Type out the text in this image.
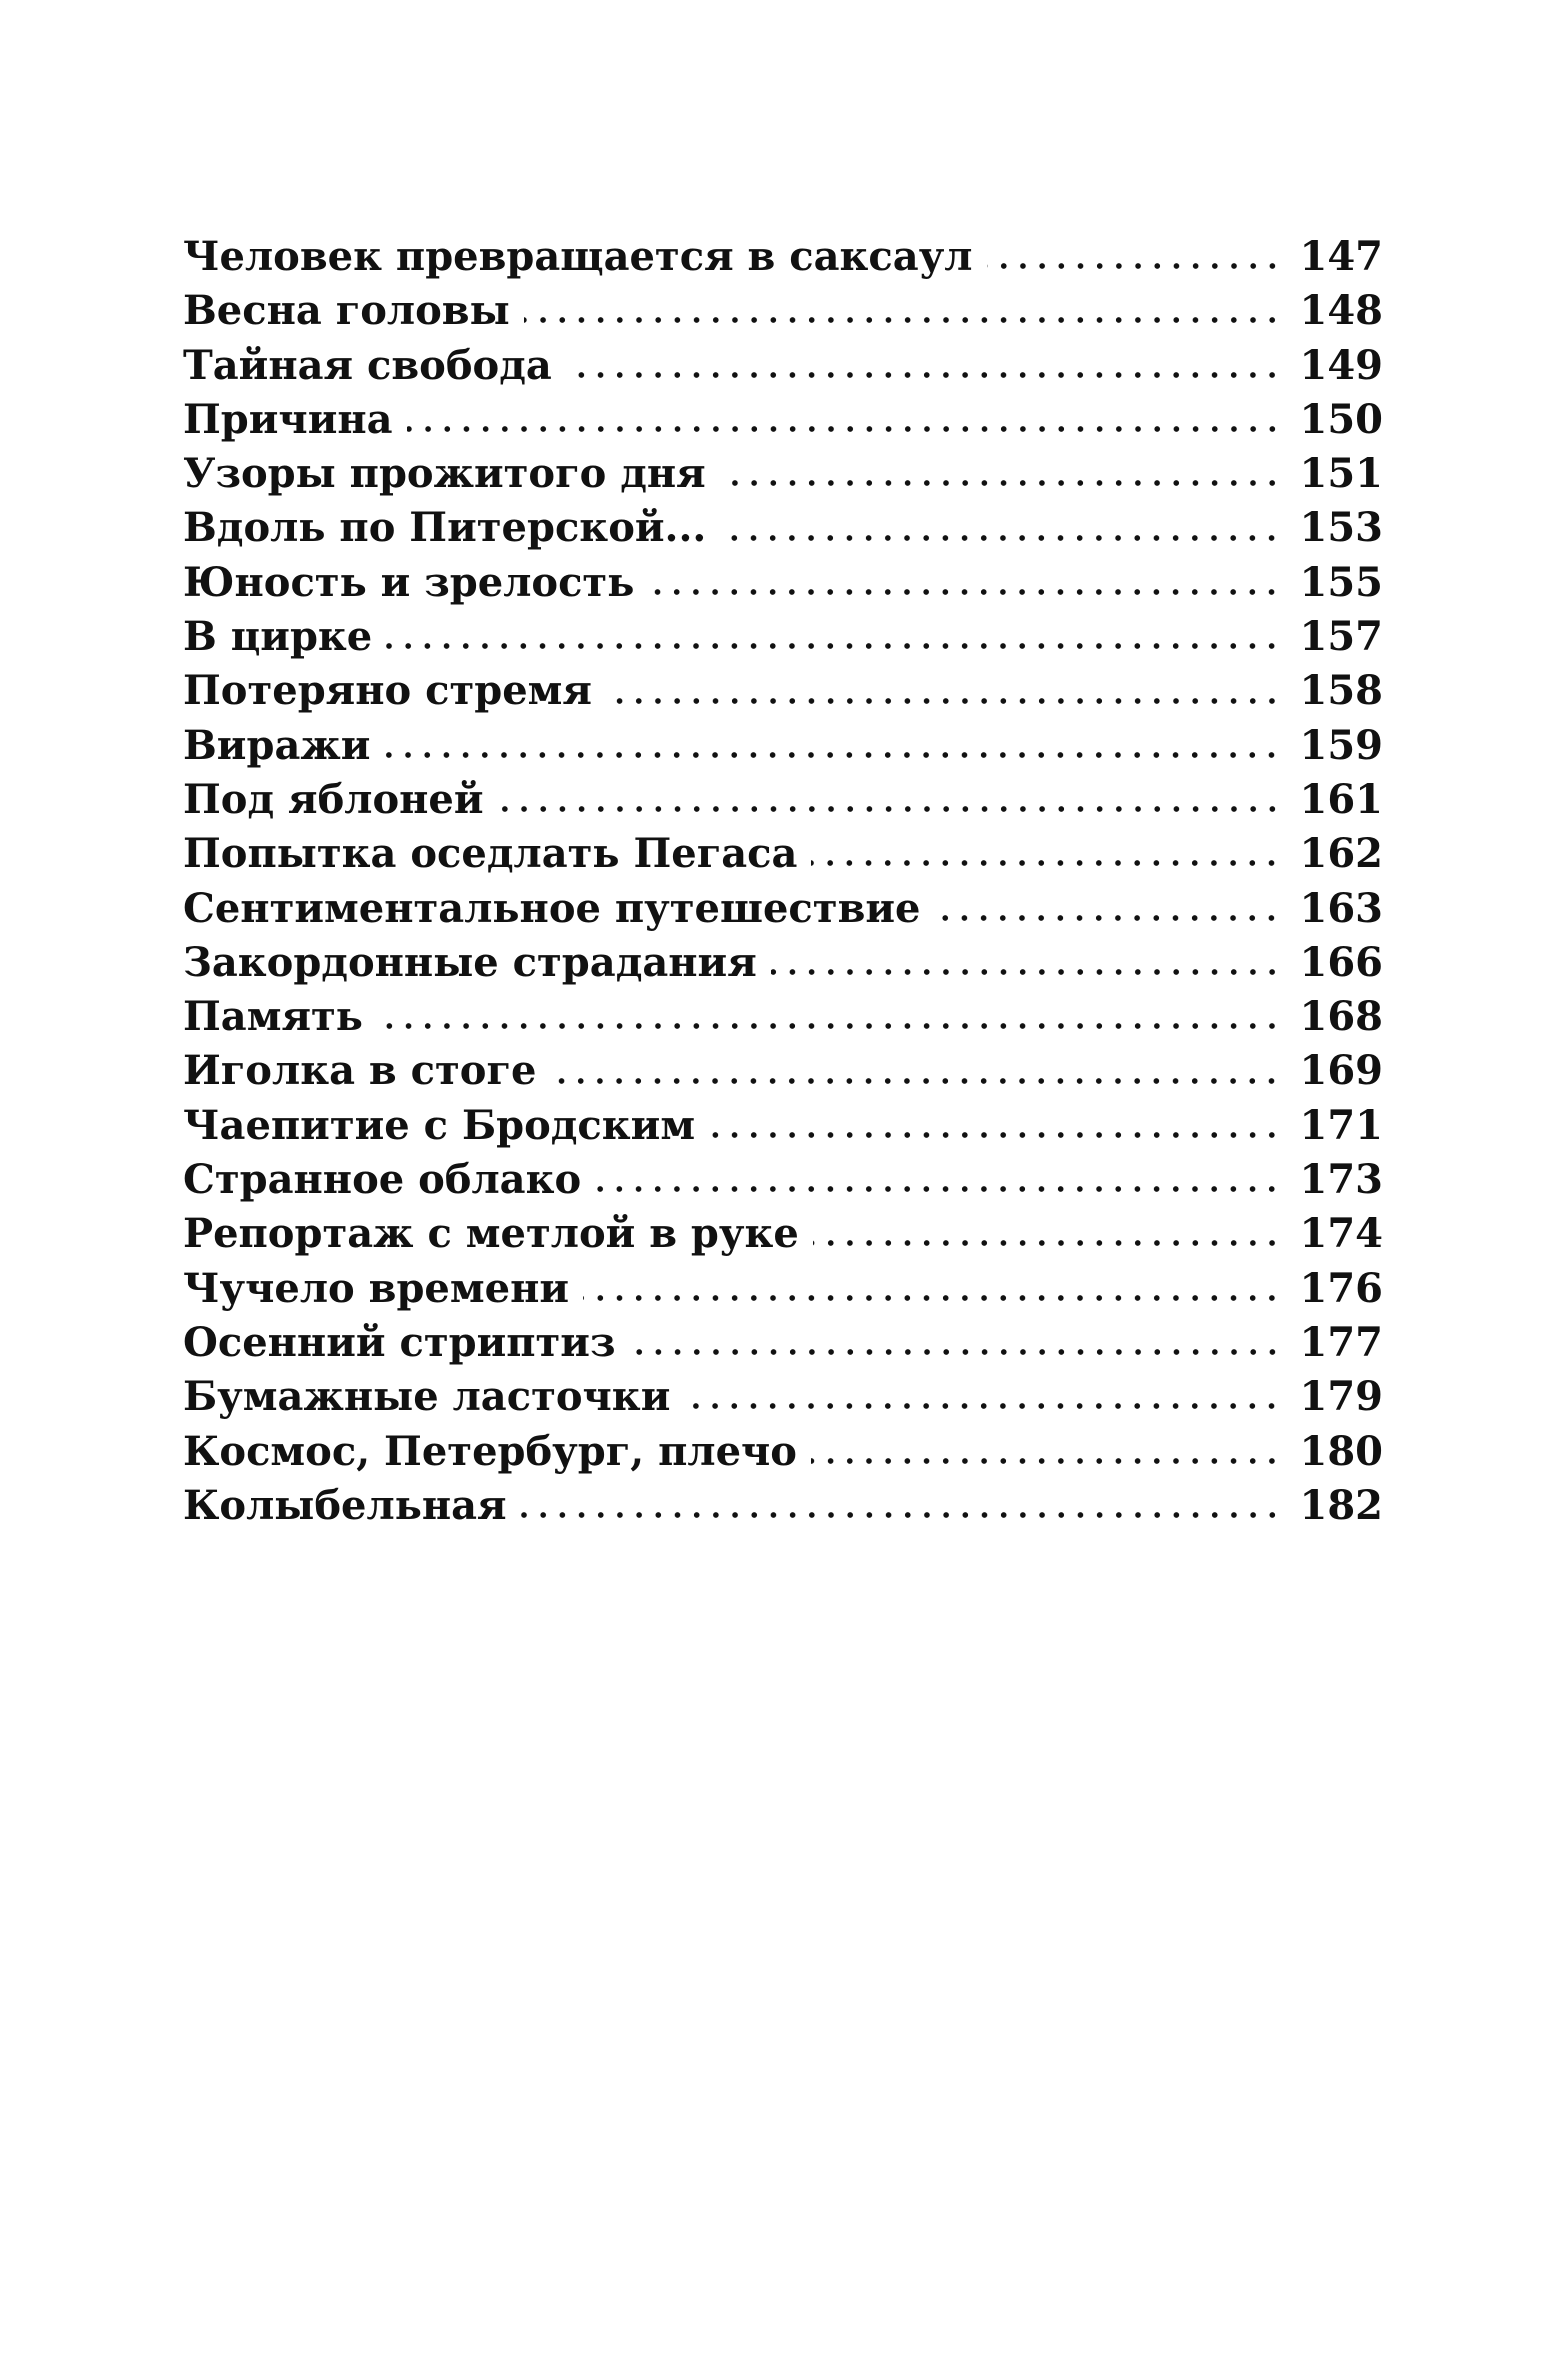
Человек превращается в саксаул	147
Весна головы	148
Тайная свобода	149
Причина	150
Узоры прожитого дня	151
Вдоль по Питерской...	153
Юность и зрелость	155
В цирке	157
Потеряно стремя	158
Виражи	159
Под яблоней	161
Попытка оседлать Пегаса	162
Сентиментальное путешествие	163
Закордонные страдания	166
Память	168
Иголка в стоге	169
Чаепитие с Бродским	171
Странное облако	173
Репортаж с метлой в руке	174
Чучело времени	176
Осенний стриптиз	177
Бумажные ласточки	179
Космос, Петербург, плечо	180
Колыбельная	182
